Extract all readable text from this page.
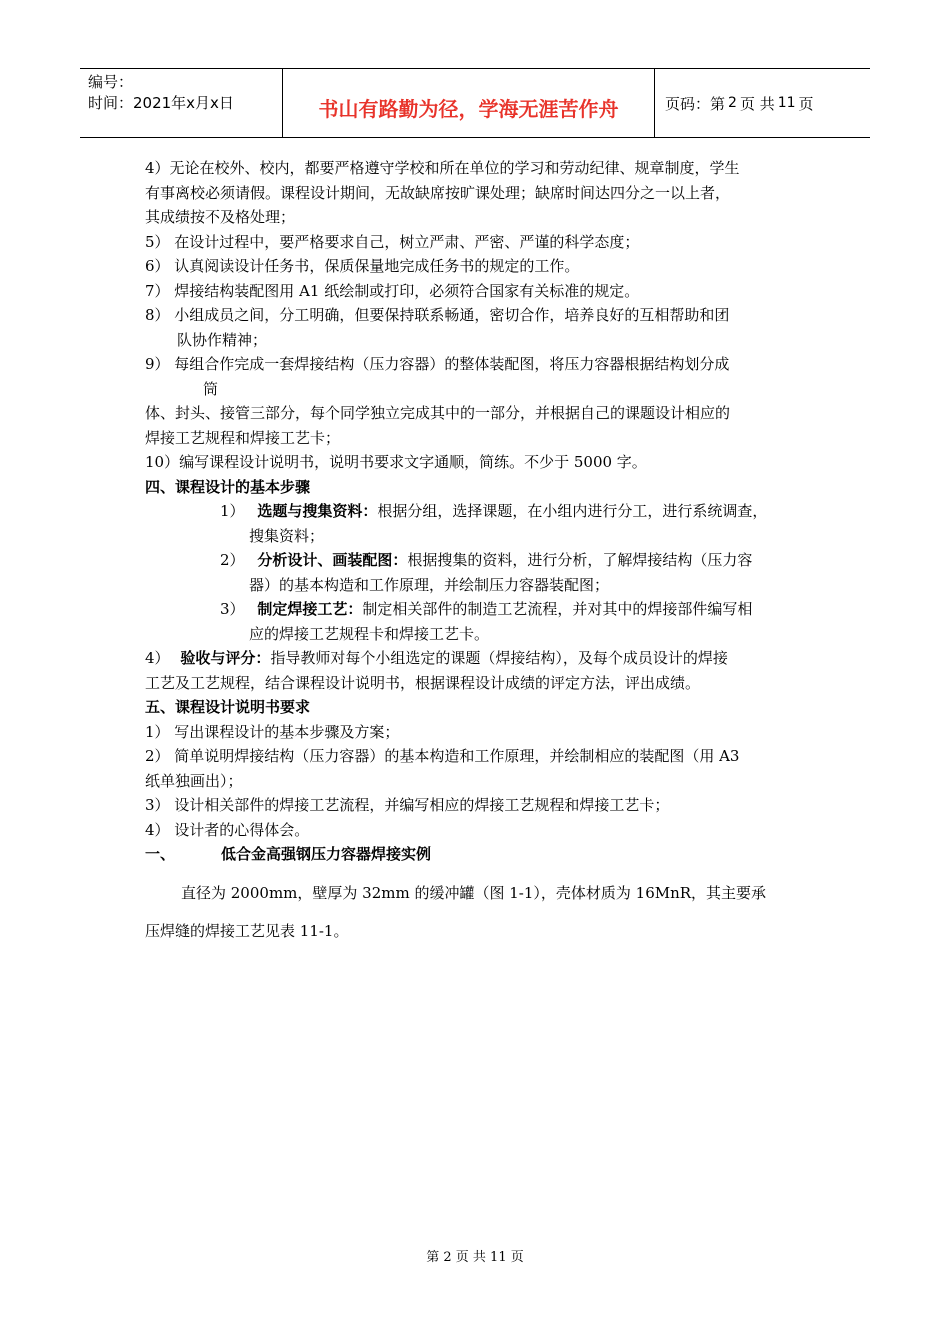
编号：
时间：2021年x月x日	书山有路勤为径，学海无涯苦作舟	页码：第 2 页 共 11 页
4）无论在校外、校内，都要严格遵守学校和所在单位的学习和劳动纪律、规章制度，学生
有事离校必须请假。课程设计期间，无故缺席按旷课处理；缺席时间达四分之一以上者，
其成绩按不及格处理；
5） 在设计过程中，要严格要求自己，树立严肃、严密、严谨的科学态度；
6） 认真阅读设计任务书，保质保量地完成任务书的规定的工作。
7） 焊接结构装配图用 A1 纸绘制或打印，必须符合国家有关标准的规定。
8） 小组成员之间，分工明确，但要保持联系畅通，密切合作，培养良好的互相帮助和团
队协作精神；
9） 每组合作完成一套焊接结构（压力容器）的整体装配图，将压力容器根据结构划分成
筒
体、封头、接管三部分，每个同学独立完成其中的一部分，并根据自己的课题设计相应的
焊接工艺规程和焊接工艺卡；
10）编写课程设计说明书，说明书要求文字通顺，简练。不少于 5000 字。
四、课程设计的基本步骤
1） 选题与搜集资料：根据分组，选择课题，在小组内进行分工，进行系统调查，
搜集资料；
2） 分析设计、画装配图：根据搜集的资料，进行分析，了解焊接结构（压力容
器）的基本构造和工作原理，并绘制压力容器装配图；
3） 制定焊接工艺：制定相关部件的制造工艺流程，并对其中的焊接部件编写相
应的焊接工艺规程卡和焊接工艺卡。
4） 验收与评分：指导教师对每个小组选定的课题（焊接结构），及每个成员设计的焊接
工艺及工艺规程，结合课程设计说明书，根据课程设计成绩的评定方法，评出成绩。
五、课程设计说明书要求
1） 写出课程设计的基本步骤及方案；
2） 简单说明焊接结构（压力容器）的基本构造和工作原理，并绘制相应的装配图（用 A3
纸单独画出）；
3） 设计相关部件的焊接工艺流程，并编写相应的焊接工艺规程和焊接工艺卡；
4） 设计者的心得体会。
一、	低合金高强钢压力容器焊接实例
直径为 2000mm，壁厚为 32mm 的缓冲罐（图 1-1），壳体材质为 16MnR，其主要承
压焊缝的焊接工艺见表 11-1。
第 2 页 共 11 页
